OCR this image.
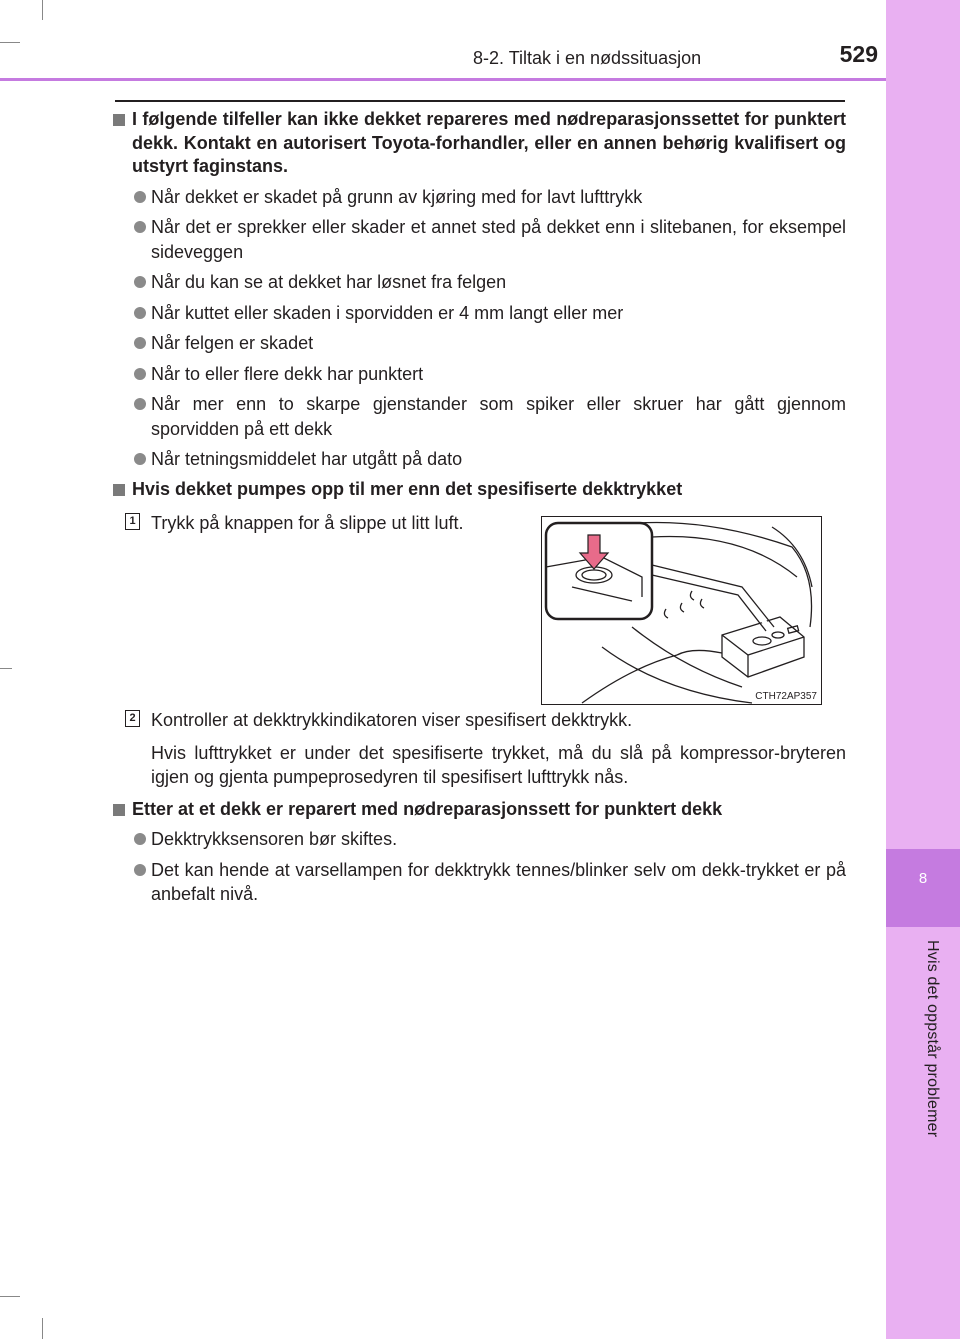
8
Hvis det oppstår problemer
8-2. Tiltak i en nødssituasjon	529
I følgende tilfeller kan ikke dekket repareres med nødreparasjonssettet for punktert dekk. Kontakt en autorisert Toyota-forhandler, eller en annen behørig kvalifisert og utstyrt faginstans.
Når dekket er skadet på grunn av kjøring med for lavt lufttrykk
Når det er sprekker eller skader et annet sted på dekket enn i slitebanen, for eksempel sideveggen
Når du kan se at dekket har løsnet fra felgen
Når kuttet eller skaden i sporvidden er 4 mm langt eller mer
Når felgen er skadet
Når to eller flere dekk har punktert
Når mer enn to skarpe gjenstander som spiker eller skruer har gått gjennom sporvidden på ett dekk
Når tetningsmiddelet har utgått på dato
Hvis dekket pumpes opp til mer enn det spesifiserte dekktrykket
1 Trykk på knappen for å slippe ut litt luft.
2 Kontroller at dekktrykkindikatoren viser spesifisert dekktrykk.
Hvis lufttrykket er under det spesifiserte trykket, må du slå på kompressor-bryteren igjen og gjenta pumpeprosedyren til spesifisert lufttrykk nås.
Etter at et dekk er reparert med nødreparasjonssett for punktert dekk
Dekktrykksensoren bør skiftes.
Det kan hende at varsellampen for dekktrykk tennes/blinker selv om dekk-trykket er på anbefalt nivå.
CTH72AP357
